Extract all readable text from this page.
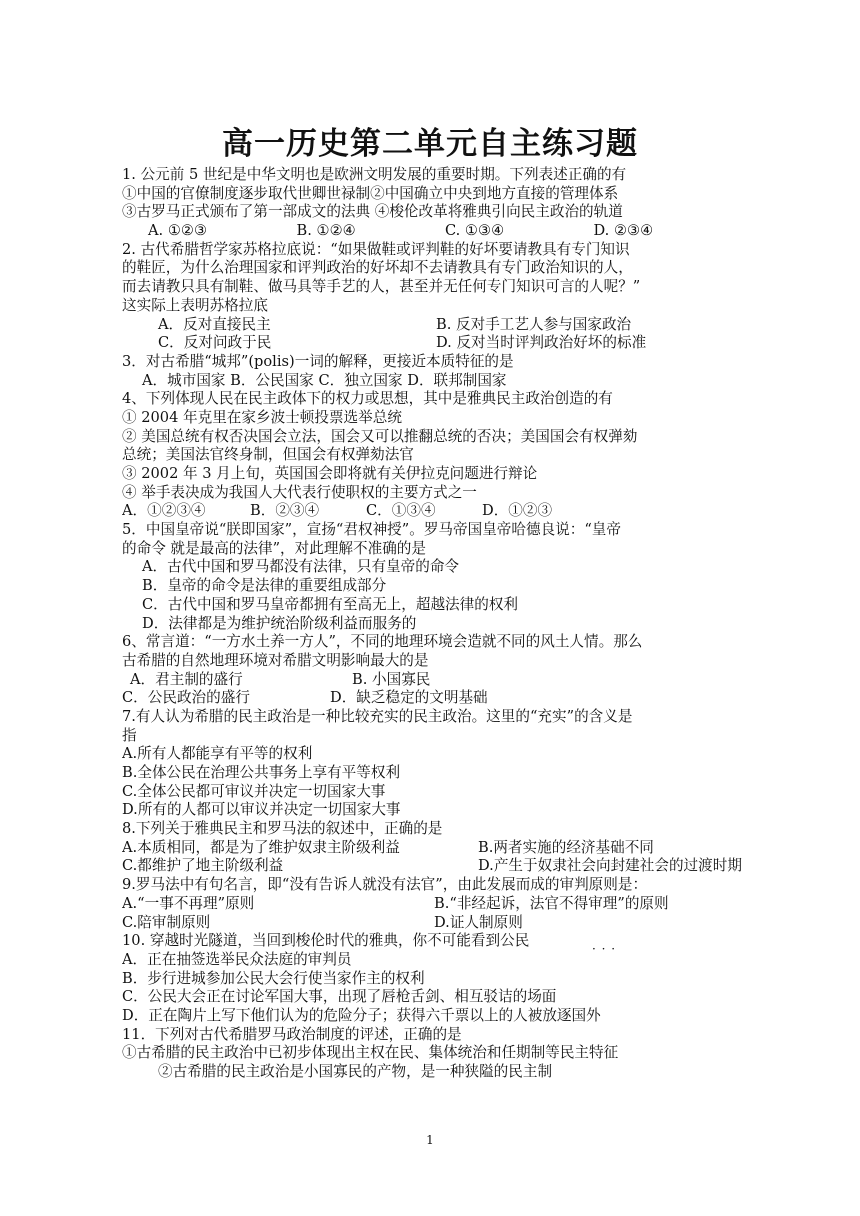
高一历史第二单元自主练习题
1. 公元前 5 世纪是中华文明也是欧洲文明发展的重要时期。下列表述正确的有
①中国的官僚制度逐步取代世卿世禄制②中国确立中央到地方直接的管理体系
③古罗马正式颁布了第一部成文的法典 ④梭伦改革将雅典引向民主政治的轨道
A. ①②③	B. ①②④	C. ①③④	D. ②③④
2. 古代希腊哲学家苏格拉底说：“如果做鞋或评判鞋的好坏要请教具有专门知识
的鞋匠，为什么治理国家和评判政治的好坏却不去请教具有专门政治知识的人，
而去请教只具有制鞋、做马具等手艺的人，甚至并无任何专门知识可言的人呢？”
这实际上表明苏格拉底
A．反对直接民主	B. 反对手工艺人参与国家政治
C．反对问政于民	D. 反对当时评判政治好坏的标准
3．对古希腊“城邦”(polis)一词的解释，更接近本质特征的是
A．城市国家 B．公民国家 C．独立国家 D．联邦制国家
4、下列体现人民在民主政体下的权力或思想，其中是雅典民主政治创造的有
① 2004 年克里在家乡波士顿投票选举总统
② 美国总统有权否决国会立法，国会又可以推翻总统的否决；美国国会有权弹劾
总统；美国法官终身制，但国会有权弹劾法官
③ 2002 年 3 月上旬，英国国会即将就有关伊拉克问题进行辩论
④ 举手表决成为我国人大代表行使职权的主要方式之一
A．①②③④	B．②③④	C．①③④	D．①②③
5．中国皇帝说“朕即国家”，宣扬“君权神授”。罗马帝国皇帝哈德良说：“皇帝
的命令 就是最高的法律”，对此理解不准确的是
A．古代中国和罗马都没有法律，只有皇帝的命令
B．皇帝的命令是法律的重要组成部分
C．古代中国和罗马皇帝都拥有至高无上，超越法律的权利
D．法律都是为维护统治阶级利益而服务的
6、常言道：“一方水土养一方人”，不同的地理环境会造就不同的风土人情。那么
古希腊的自然地理环境对希腊文明影响最大的是
A．君主制的盛行	B. 小国寡民
C．公民政治的盛行	D．缺乏稳定的文明基础
7.有人认为希腊的民主政治是一种比较充实的民主政治。这里的“充实”的含义是
指
A.所有人都能享有平等的权利
B.全体公民在治理公共事务上享有平等权利
C.全体公民都可审议并决定一切国家大事
D.所有的人都可以审议并决定一切国家大事
8.下列关于雅典民主和罗马法的叙述中，正确的是
A.本质相同，都是为了维护奴隶主阶级利益	B.两者实施的经济基础不同
C.都维护了地主阶级利益	D.产生于奴隶社会向封建社会的过渡时期
9.罗马法中有句名言，即“没有告诉人就没有法官”，由此发展而成的审判原则是：
A.“一事不再理”原则	B.“非经起诉，法官不得审理”的原则
C.陪审制原则	D.证人制原则
10. 穿越时光隧道，当回到梭伦时代的雅典，你不可能看到公民 · · ·
A．正在抽签选举民众法庭的审判员
B．步行进城参加公民大会行使当家作主的权利
C．公民大会正在讨论军国大事，出现了唇枪舌剑、相互驳诘的场面
D．正在陶片上写下他们认为的危险分子；获得六千票以上的人被放逐国外
11．下列对古代希腊罗马政治制度的评述，正确的是
①古希腊的民主政治中已初步体现出主权在民、集体统治和任期制等民主特征
②古希腊的民主政治是小国寡民的产物，是一种狭隘的民主制
1
